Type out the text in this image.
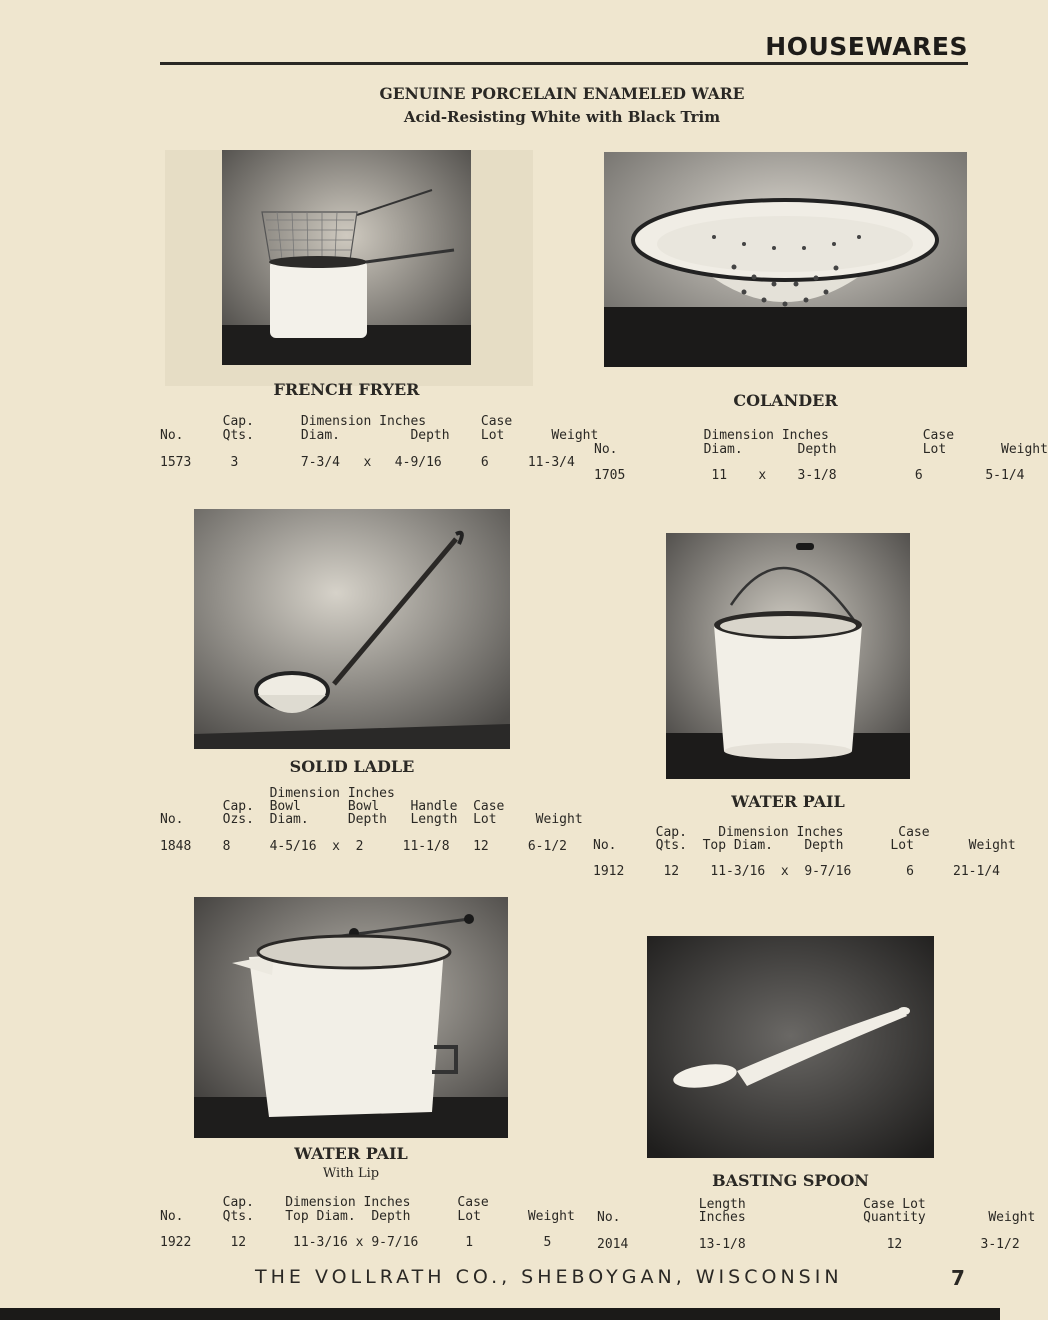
HOUSEWARES
GENUINE PORCELAIN ENAMELED WARE
Acid-Resisting White with Black Trim
FRENCH FRYER
Cap.      Dimension Inches       Case
No.     Qts.      Diam.         Depth    Lot      Weight
1573     3        7-3/4   x   4-9/16     6     11-3/4
COLANDER
Dimension Inches            Case
No.           Diam.       Depth           Lot       Weight
1705           11    x    3-1/8          6        5-1/4
SOLID LADLE
Dimension Inches
Cap.  Bowl      Bowl    Handle  Case
No.     Ozs.  Diam.     Depth   Length  Lot     Weight
1848    8     4-5/16  x  2     11-1/8   12     6-1/2
WATER PAIL
Cap.    Dimension Inches       Case
No.     Qts.  Top Diam.    Depth      Lot       Weight
1912     12    11-3/16  x  9-7/16       6     21-1/4
WATER PAIL
With Lip
Cap.    Dimension Inches      Case
No.     Qts.    Top Diam.  Depth      Lot      Weight
1922     12      11-3/16 x 9-7/16      1         5
BASTING SPOON
Length               Case Lot
No.          Inches               Quantity        Weight
2014         13-1/8                  12          3-1/2
THE VOLLRATH CO., SHEBOYGAN, WISCONSIN	7
